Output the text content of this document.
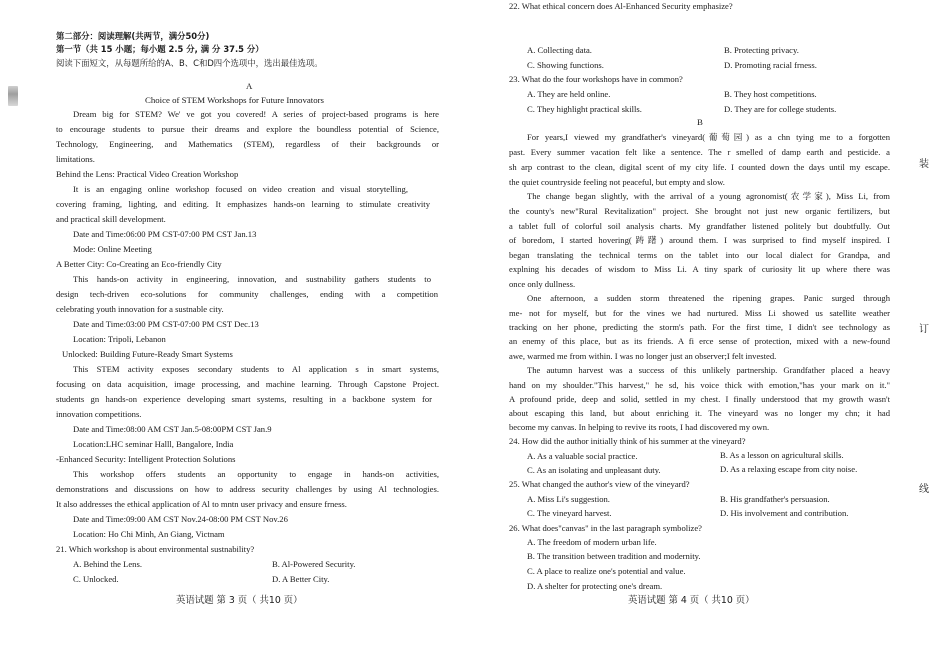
第二部分：阅读理解(共两节，满分50分)
第一节（共 15 小题；每小题 2.5 分, 满 分 37.5 分）
阅读下面短文，从每题所给的A、B、C和D四个选项中，选出最佳选项。
A
Choice of STEM Workshops for Future Innovators
Dream big for STEM? We' ve got you covered! A series of project-based programs is here
to encourage students to pursue their dreams and explore the boundless potential of Science,
Technology, Engineering, and Mathematics (STEM), regardless of their backgrounds or
limitations.
Behind the Lens: Practical Video Creation Workshop
It is an engaging online workshop focused on video creation and visual storytelling,
covering framing, lighting, and editing. It emphasizes hands-on learning to stimulate creativity
and practical skill development.
Date and Time:06:00 PM CST-07:00 PM CST Jan.13
Mode: Online Meeting
A Better City: Co-Creating an Eco-friendly City
This hands-on activity in engineering, innovation, and sustnability gathers students to
design tech-driven eco-solutions for community challenges, ending with a competition
celebrating youth innovation for a sustnable city.
Date and Time:03:00 PM CST-07:00 PM CST Dec.13
Location: Tripoli, Lebanon
Unlocked: Building Future-Ready Smart Systems
This STEM activity exposes secondary students to Al application s in smart systems,
focusing on data acquisition, image processing, and machine learning. Through Capstone Project.
students gn hands-on experience developing smart systems, resulting in a backbone system for
innovation competitions.
Date and Time:08:00 AM CST Jan.5-08:00PM CST Jan.9
Location:LHC seminar Halll, Bangalore, India
-Enhanced Security: Intelligent Protection Solutions
This workshop offers students an opportunity to engage in hands-on activities,
demonstrations and discussions on how to address security challenges by using Al technologies.
It also addresses the ethical application of Al to mntn user privacy and ensure frness.
Date and Time:09:00 AM CST Nov.24-08:00 PM CST Nov.26
Location: Ho Chi Minh, An Giang, Victnam
21. Which workshop is about environmental sustnability?
A. Behind the Lens.	B. Al-Powered Security.
C. Unlocked.	D. A Better City.
英语试题 第 3 页（ 共10 页）
22. What ethical concern does Al-Enhanced Security emphasize?
A. Collecting data.	B. Protecting privacy.
C. Showing functions.	D. Promoting racial frness.
23. What do the four workshops have in common?
A. They are held online.	B. They host competitions.
C. They highlight practical skills.	D. They are for college students.
B
For years,I viewed my grandfather's vineyard(葡萄园) as a chn tying me to a forgotten
past. Every summer vacation felt like a sentence. The r smelled of damp earth and pesticide. a
sh arp contrast to the clean, digital scent of my city life. I counted down the days until my escape.
the quiet countryside feeling not peaceful, but empty and slow.
The change began slightly, with the arrival of a young agronomist(农学家), Miss Li, from
the county's new"Rural Revitalization" project. She brought not just new organic fertilizers, but
a tablet full of colorful soil analysis charts. My grandfather listened politely but doubtfully. Out
of boredom, I started hovering(踌躇) around them. I was surprised to find myself inspired. I
began translating the technical terms on the tablet into our local dialect for Grandpa, and
explning his decades of wisdom to Miss Li. A tiny spark of curiosity lit up where there was
once only dullness.
One afternoon, a sudden storm threatened the ripening grapes. Panic surged through
me- not for myself, but for the vines we had nurtured. Miss Li showed us satellite weather
tracking on her phone, predicting the storm's path. For the first time, I didn't see technology as
an enemy of this place, but as its friends. A fi erce sense of protection, mixed with a new-found
awe, warmed me from within. I was no longer just an observer;I felt invested.
The autumn harvest was a success of this unlikely partnership. Grandfather placed a heavy
hand on my shoulder."This harvest," he sd, his voice thick with emotion,"has your mark on it."
A profound pride, deep and solid, settled in my chest. I finally understood that my growth wasn't
about escaping this land, but about enriching it. The vineyard was no longer my chn; it had
become my canvas. In helping to revive its roots, I had discovered my own.
24. How did the author initially think of his summer at the vineyard?
A. As a valuable social practice.	B. As a lesson on agricultural skills.
C. As an isolating and unpleasant duty.	D. As a relaxing escape from city noise.
25. What changed the author's view of the vineyard?
A. Miss Li's suggestion.	B. His grandfather's persuasion.
C. The vineyard harvest.	D. His involvement and contribution.
26. What does"canvas" in the last paragraph symbolize?
A. The freedom of modern urban life.
B. The transition between tradition and modernity.
C. A place to realize one's potential and value.
D. A shelter for protecting one's dream.
英语试题 第 4 页（ 共10 页）
装
订
线
